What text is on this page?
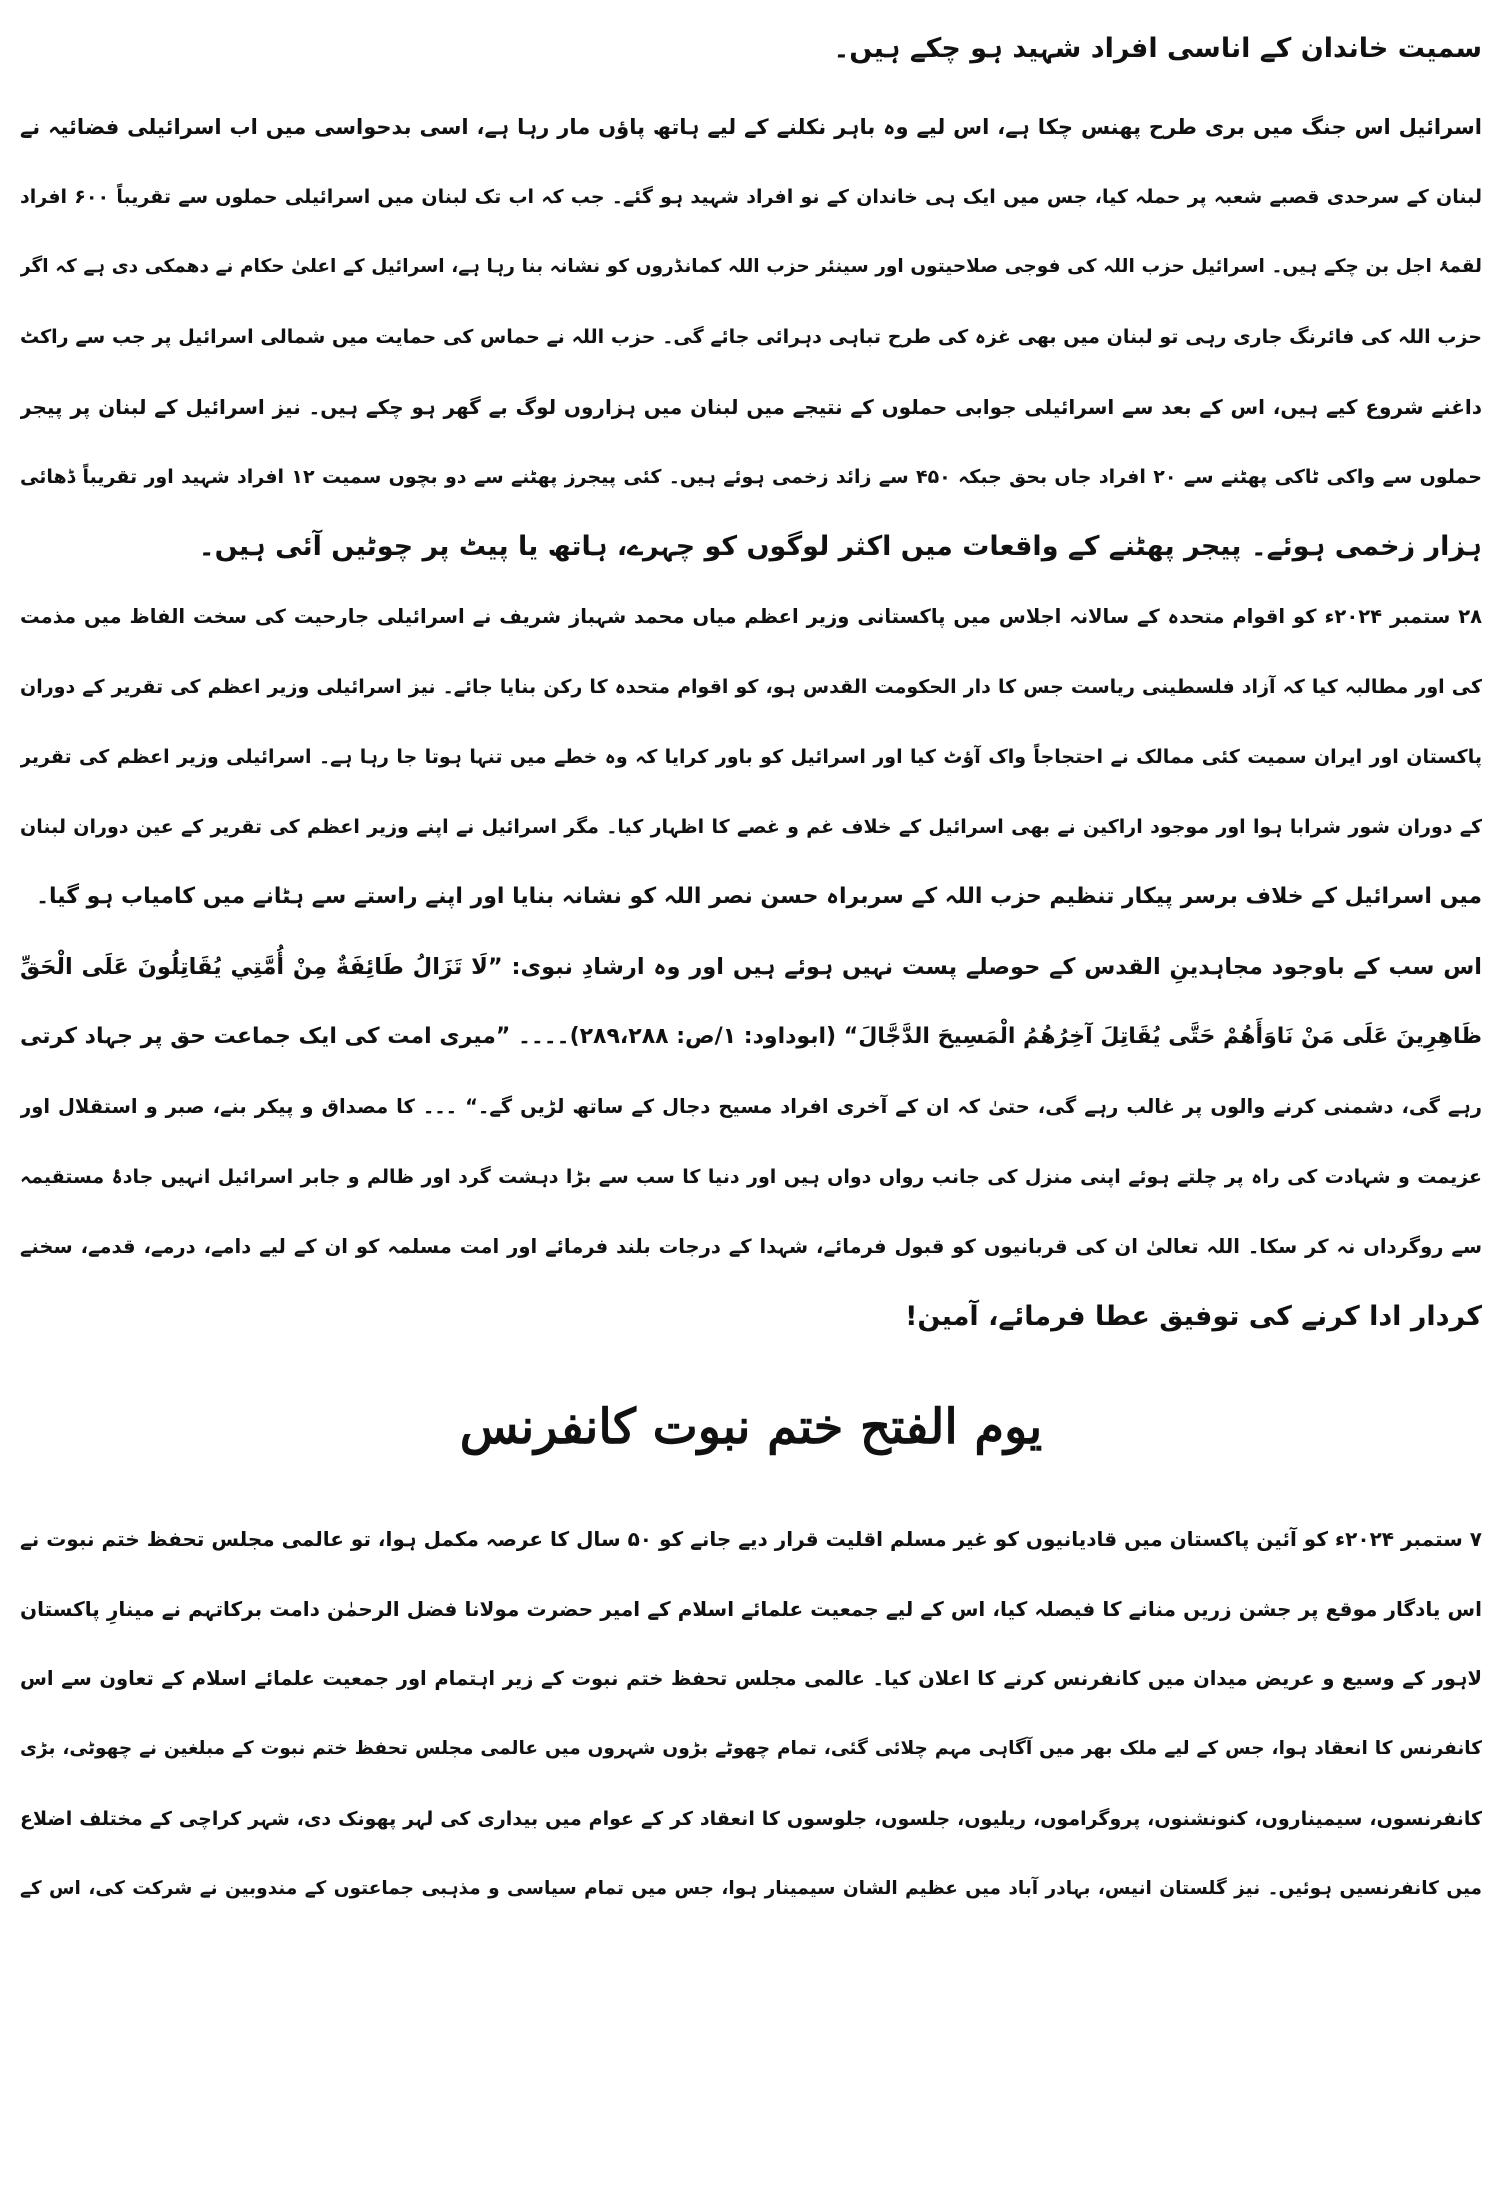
سمیت خاندان کے اناسی افراد شہید ہو چکے ہیں۔
اسرائیل اس جنگ میں بری طرح پھنس چکا ہے، اس لیے وہ باہر نکلنے کے لیے ہاتھ پاؤں مار رہا ہے، اسی بدحواسی میں اب اسرائیلی فضائیہ نے
لبنان کے سرحدی قصبے شعبہ پر حملہ کیا، جس میں ایک ہی خاندان کے نو افراد شہید ہو گئے۔ جب کہ اب تک لبنان میں اسرائیلی حملوں سے تقریباً ۶۰۰ افراد
لقمۂ اجل بن چکے ہیں۔ اسرائیل حزب اللہ کی فوجی صلاحیتوں اور سینئر حزب اللہ کمانڈروں کو نشانہ بنا رہا ہے، اسرائیل کے اعلیٰ حکام نے دھمکی دی ہے کہ اگر
حزب اللہ کی فائرنگ جاری رہی تو لبنان میں بھی غزہ کی طرح تباہی دہرائی جائے گی۔ حزب اللہ نے حماس کی حمایت میں شمالی اسرائیل پر جب سے راکٹ
داغنے شروع کیے ہیں، اس کے بعد سے اسرائیلی جوابی حملوں کے نتیجے میں لبنان میں ہزاروں لوگ بے گھر ہو چکے ہیں۔ نیز اسرائیل کے لبنان پر پیجر
حملوں سے واکی ٹاکی پھٹنے سے ۲۰ افراد جاں بحق جبکہ ۴۵۰ سے زائد زخمی ہوئے ہیں۔ کئی پیجرز پھٹنے سے دو بچوں سمیت ۱۲ افراد شہید اور تقریباً ڈھائی
ہزار زخمی ہوئے۔ پیجر پھٹنے کے واقعات میں اکثر لوگوں کو چہرے، ہاتھ یا پیٹ پر چوٹیں آئی ہیں۔
۲۸ ستمبر ۲۰۲۴ء کو اقوام متحدہ کے سالانہ اجلاس میں پاکستانی وزیر اعظم میاں محمد شہباز شریف نے اسرائیلی جارحیت کی سخت الفاظ میں مذمت
کی اور مطالبہ کیا کہ آزاد فلسطینی ریاست جس کا دار الحکومت القدس ہو، کو اقوام متحدہ کا رکن بنایا جائے۔ نیز اسرائیلی وزیر اعظم کی تقریر کے دوران
پاکستان اور ایران سمیت کئی ممالک نے احتجاجاً واک آؤٹ کیا اور اسرائیل کو باور کرایا کہ وہ خطے میں تنہا ہوتا جا رہا ہے۔ اسرائیلی وزیر اعظم کی تقریر
کے دوران شور شرابا ہوا اور موجود اراکین نے بھی اسرائیل کے خلاف غم و غصے کا اظہار کیا۔ مگر اسرائیل نے اپنے وزیر اعظم کی تقریر کے عین دوران لبنان
میں اسرائیل کے خلاف برسر پیکار تنظیم حزب اللہ کے سربراہ حسن نصر اللہ کو نشانہ بنایا اور اپنے راستے سے ہٹانے میں کامیاب ہو گیا۔
اس سب کے باوجود مجاہدینِ القدس کے حوصلے پست نہیں ہوئے ہیں اور وہ ارشادِ نبوی: ”لَا تَزَالُ طَائِفَةٌ مِنْ أُمَّتِي يُقَاتِلُونَ عَلَى الْحَقِّ
ظَاهِرِينَ عَلَى مَنْ نَاوَأَهُمْ حَتَّى يُقَاتِلَ آخِرُهُمُ الْمَسِيحَ الدَّجَّالَ“ (ابوداود: ۱/ص: ۲۸۹،۲۸۸)۔۔۔۔ ”میری امت کی ایک جماعت حق پر جہاد کرتی
رہے گی، دشمنی کرنے والوں پر غالب رہے گی، حتیٰ کہ ان کے آخری افراد مسیح دجال کے ساتھ لڑیں گے۔“ ۔۔۔ کا مصداق و پیکر بنے، صبر و استقلال اور
عزیمت و شہادت کی راہ پر چلتے ہوئے اپنی منزل کی جانب رواں دواں ہیں اور دنیا کا سب سے بڑا دہشت گرد اور ظالم و جابر اسرائیل انہیں جادۂ مستقیمہ
سے روگرداں نہ کر سکا۔ اللہ تعالیٰ ان کی قربانیوں کو قبول فرمائے، شہدا کے درجات بلند فرمائے اور امت مسلمہ کو ان کے لیے دامے، درمے، قدمے، سخنے
کردار ادا کرنے کی توفیق عطا فرمائے، آمین!
یوم الفتح ختم نبوت کانفرنس
۷ ستمبر ۲۰۲۴ء کو آئین پاکستان میں قادیانیوں کو غیر مسلم اقلیت قرار دیے جانے کو ۵۰ سال کا عرصہ مکمل ہوا، تو عالمی مجلس تحفظ ختم نبوت نے
اس یادگار موقع پر جشن زریں منانے کا فیصلہ کیا، اس کے لیے جمعیت علمائے اسلام کے امیر حضرت مولانا فضل الرحمٰن دامت برکاتہم نے مینارِ پاکستان
لاہور کے وسیع و عریض میدان میں کانفرنس کرنے کا اعلان کیا۔ عالمی مجلس تحفظ ختم نبوت کے زیر اہتمام اور جمعیت علمائے اسلام کے تعاون سے اس
کانفرنس کا انعقاد ہوا، جس کے لیے ملک بھر میں آگاہی مہم چلائی گئی، تمام چھوٹے بڑوں شہروں میں عالمی مجلس تحفظ ختم نبوت کے مبلغین نے چھوٹی، بڑی
کانفرنسوں، سیمیناروں، کنونشنوں، پروگراموں، ریلیوں، جلسوں، جلوسوں کا انعقاد کر کے عوام میں بیداری کی لہر پھونک دی، شہر کراچی کے مختلف اضلاع
میں کانفرنسیں ہوئیں۔ نیز گلستان انیس، بہادر آباد میں عظیم الشان سیمینار ہوا، جس میں تمام سیاسی و مذہبی جماعتوں کے مندوبین نے شرکت کی، اس کے
